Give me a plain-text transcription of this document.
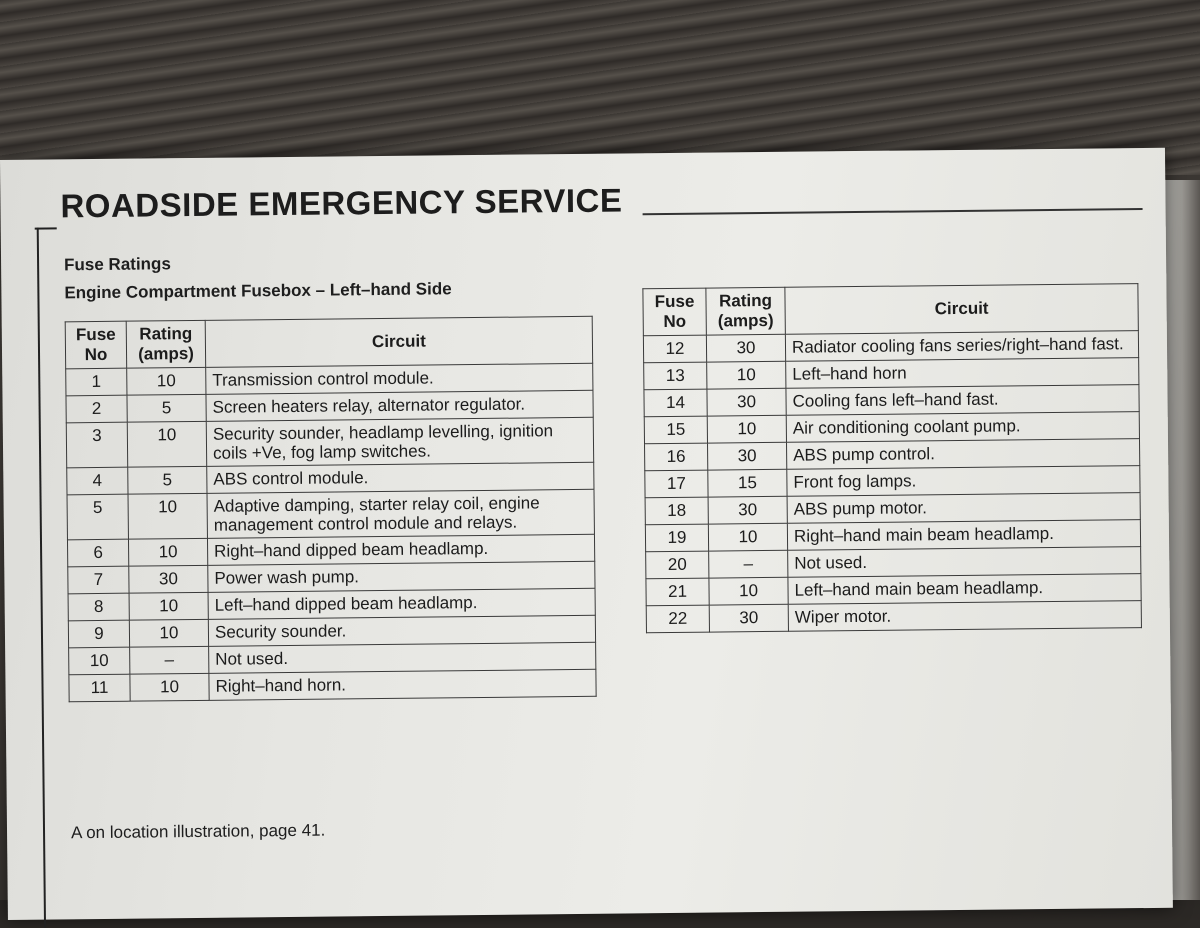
ROADSIDE EMERGENCY SERVICE
Fuse Ratings
Engine Compartment Fusebox – Left–hand Side
Fuse No	Rating (amps)	Circuit
1	10	Transmission control module.
2	5	Screen heaters relay, alternator regulator.
3	10	Security sounder, headlamp levelling, ignition coils +Ve, fog lamp switches.
4	5	ABS control module.
5	10	Adaptive damping, starter relay coil, engine management control module and relays.
6	10	Right–hand dipped beam headlamp.
7	30	Power wash pump.
8	10	Left–hand dipped beam headlamp.
9	10	Security sounder.
10	–	Not used.
11	10	Right–hand horn.
Fuse No	Rating (amps)	Circuit
12	30	Radiator cooling fans series/right–hand fast.
13	10	Left–hand horn
14	30	Cooling fans left–hand fast.
15	10	Air conditioning coolant pump.
16	30	ABS pump control.
17	15	Front fog lamps.
18	30	ABS pump motor.
19	10	Right–hand main beam headlamp.
20	–	Not used.
21	10	Left–hand main beam headlamp.
22	30	Wiper motor.
A on location illustration, page 41.
